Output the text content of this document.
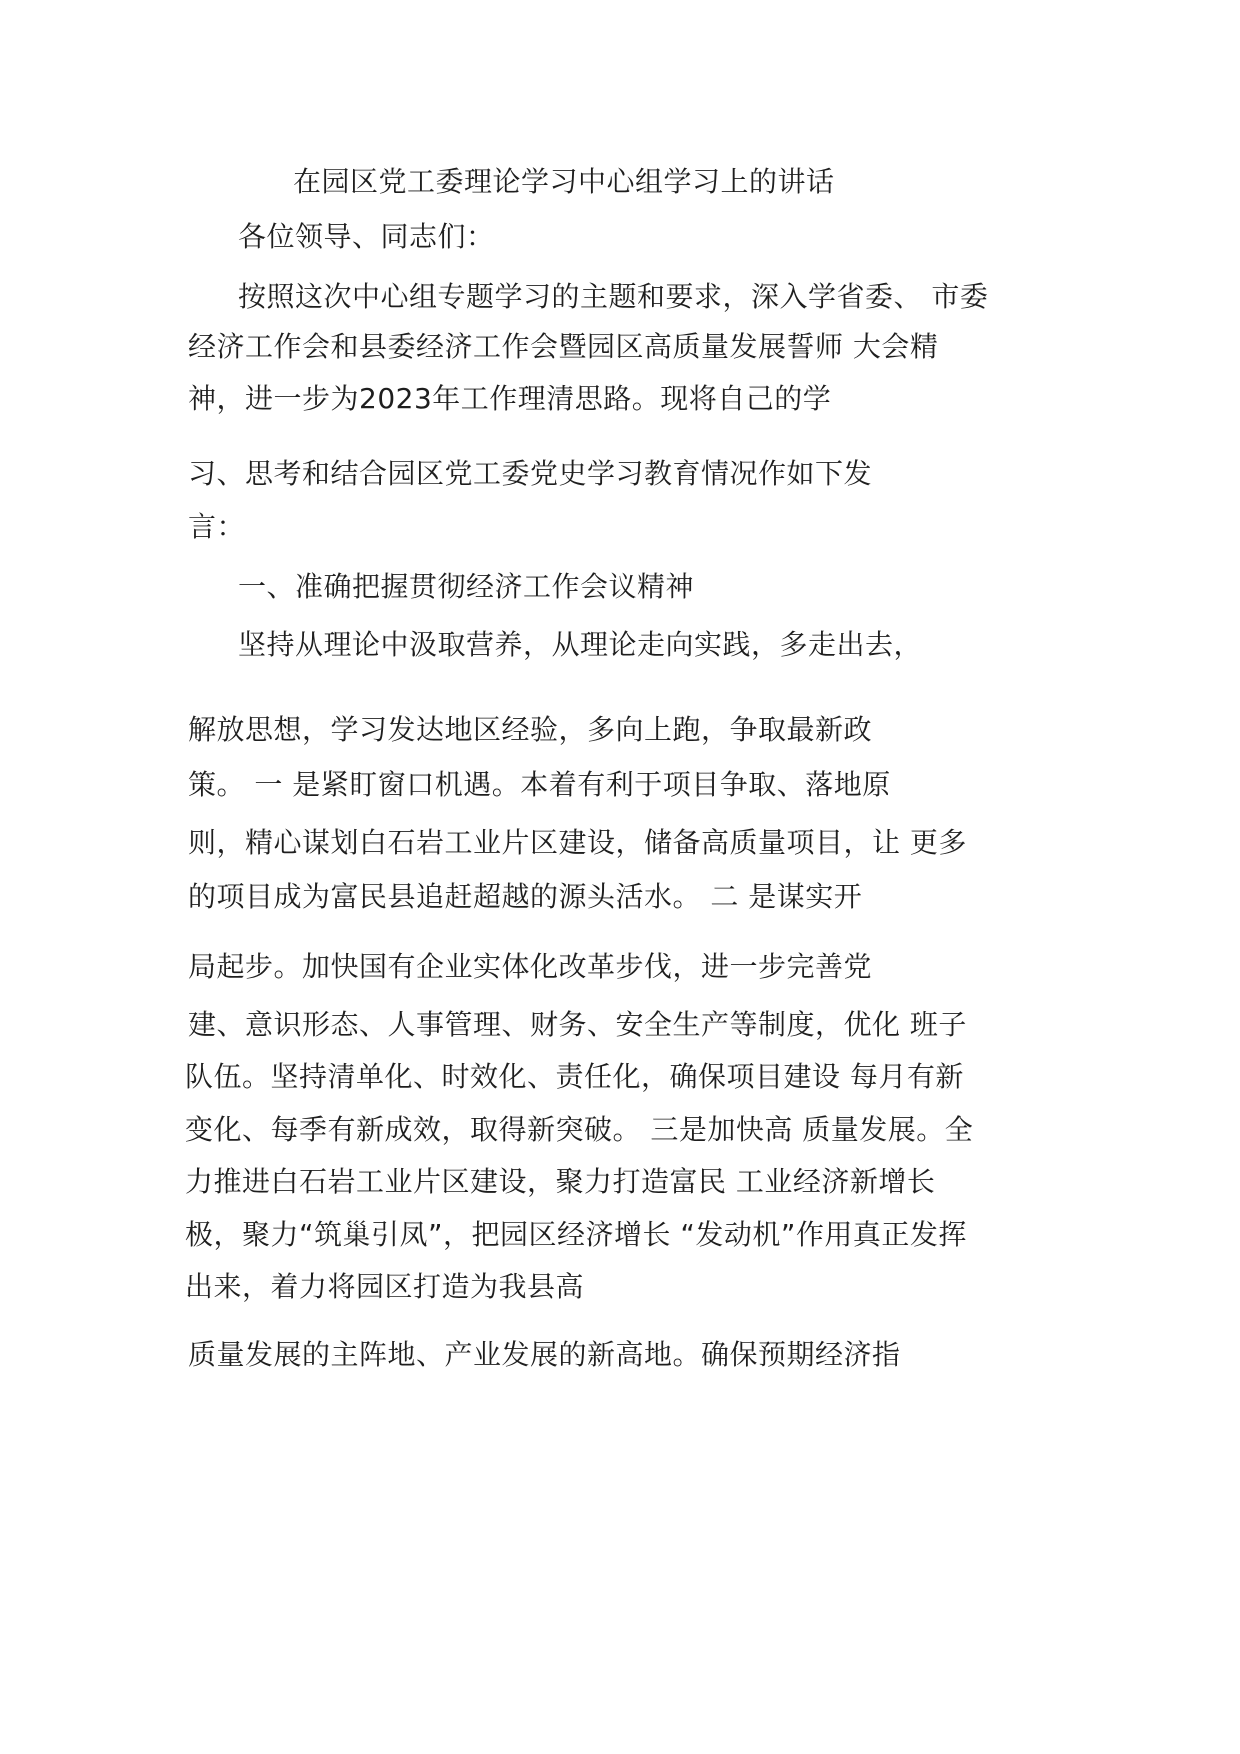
在园区党工委理论学习中心组学习上的讲话
各位领导、同志们：
按照这次中心组专题学习的主题和要求，深入学省委、 市委
经济工作会和县委经济工作会暨园区高质量发展誓师 大会精
神，进一步为2023年工作理清思路。现将自己的学
习、思考和结合园区党工委党史学习教育情况作如下发
言：
一、准确把握贯彻经济工作会议精神
坚持从理论中汲取营养，从理论走向实践，多走出去，
解放思想，学习发达地区经验，多向上跑，争取最新政
策。 一 是紧盯窗口机遇。本着有利于项目争取、落地原
则，精心谋划白石岩工业片区建设，储备高质量项目，让 更多
的项目成为富民县追赶超越的源头活水。 二 是谋实开
局起步。加快国有企业实体化改革步伐，进一步完善党
建、意识形态、人事管理、财务、安全生产等制度，优化 班子
队伍。坚持清单化、时效化、责任化，确保项目建设 每月有新
变化、每季有新成效，取得新突破。 三是加快高 质量发展。全
力推进白石岩工业片区建设，聚力打造富民 工业经济新增长
极，聚力“筑巢引凤”，把园区经济增长 “发动机”作用真正发挥
出来，着力将园区打造为我县高
质量发展的主阵地、产业发展的新高地。确保预期经济指
